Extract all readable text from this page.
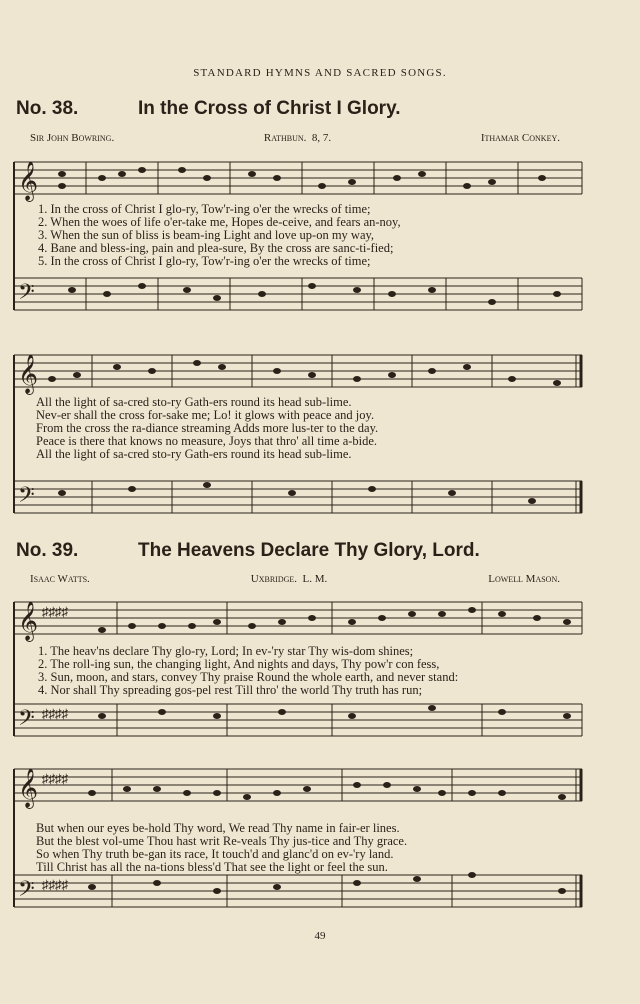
STANDARD HYMNS AND SACRED SONGS.
No. 38.	In the Cross of Christ I Glory.
Sir John Bowring.	Rathbun. 8, 7.	Ithamar Conkey.
𝄞
𝄢
1. In the cross of Christ I glo-ry, Tow'r-ing o'er the wrecks of time;
2. When the woes of life o'er-take me, Hopes de-ceive, and fears an-noy,
3. When the sun of bliss is beam-ing Light and love up-on my way,
4. Bane and bless-ing, pain and plea-sure, By the cross are sanc-ti-fied;
5. In the cross of Christ I glo-ry, Tow'r-ing o'er the wrecks of time;
𝄞
𝄢
All the light of sa-cred sto-ry Gath-ers round its head sub-lime.
Nev-er shall the cross for-sake me; Lo! it glows with peace and joy.
From the cross the ra-diance streaming Adds more lus-ter to the day.
Peace is there that knows no measure, Joys that thro' all time a-bide.
All the light of sa-cred sto-ry Gath-ers round its head sub-lime.
No. 39.	The Heavens Declare Thy Glory, Lord.
Isaac Watts.	Uxbridge. L. M.	Lowell Mason.
𝄞
𝄢
♯♯♯♯
♯♯♯♯
1. The heav'ns declare Thy glo-ry, Lord; In ev-'ry star Thy wis-dom shines;
2. The roll-ing sun, the changing light, And nights and days, Thy pow'r con fess,
3. Sun, moon, and stars, convey Thy praise Round the whole earth, and never stand:
4. Nor shall Thy spreading gos-pel rest Till thro' the world Thy truth has run;
𝄞
𝄢
♯♯♯♯
♯♯♯♯
But when our eyes be-hold Thy word, We read Thy name in fair-er lines.
But the blest vol-ume Thou hast writ Re-veals Thy jus-tice and Thy grace.
So when Thy truth be-gan its race, It touch'd and glanc'd on ev-'ry land.
Till Christ has all the na-tions bless'd That see the light or feel the sun.
49
